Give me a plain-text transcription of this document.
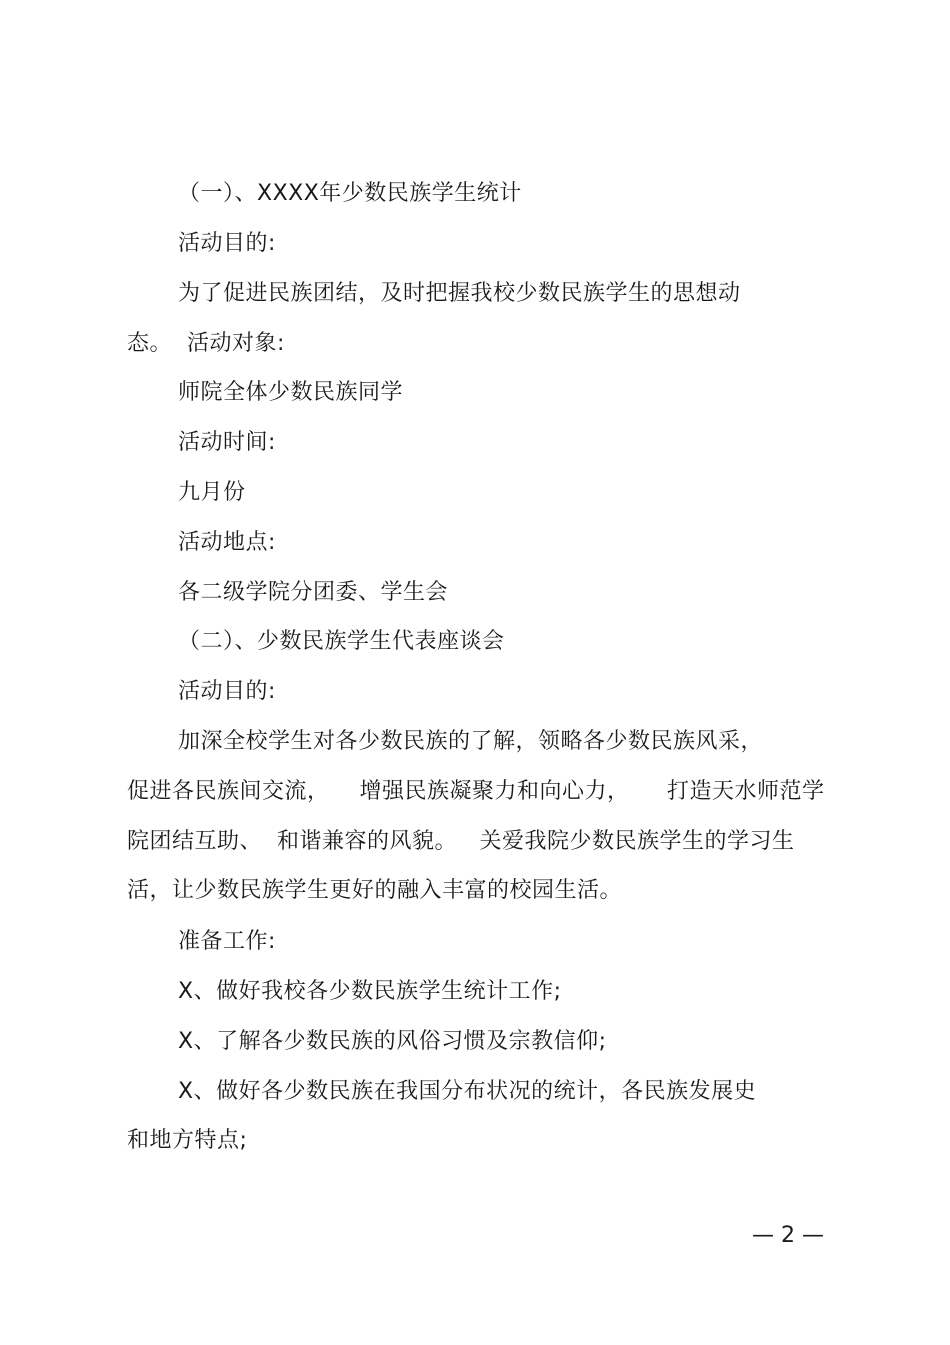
（一）、XXXX年少数民族学生统计
活动目的:
为了促进民族团结，及时把握我校少数民族学生的思想动
态。  活动对象:
师院全体少数民族同学
活动时间:
九月份
活动地点:
各二级学院分团委、学生会
（二）、少数民族学生代表座谈会
活动目的:
加深全校学生对各少数民族的了解，领略各少数民族风采，
促进各民族间交流，    增强民族凝聚力和向心力，     打造天水师范学
院团结互助、  和谐兼容的风貌。   关爱我院少数民族学生的学习生
活，让少数民族学生更好的融入丰富的校园生活。
准备工作:
X、做好我校各少数民族学生统计工作;
X、了解各少数民族的风俗习惯及宗教信仰;
X、做好各少数民族在我国分布状况的统计，各民族发展史
和地方特点;
— 2 —
